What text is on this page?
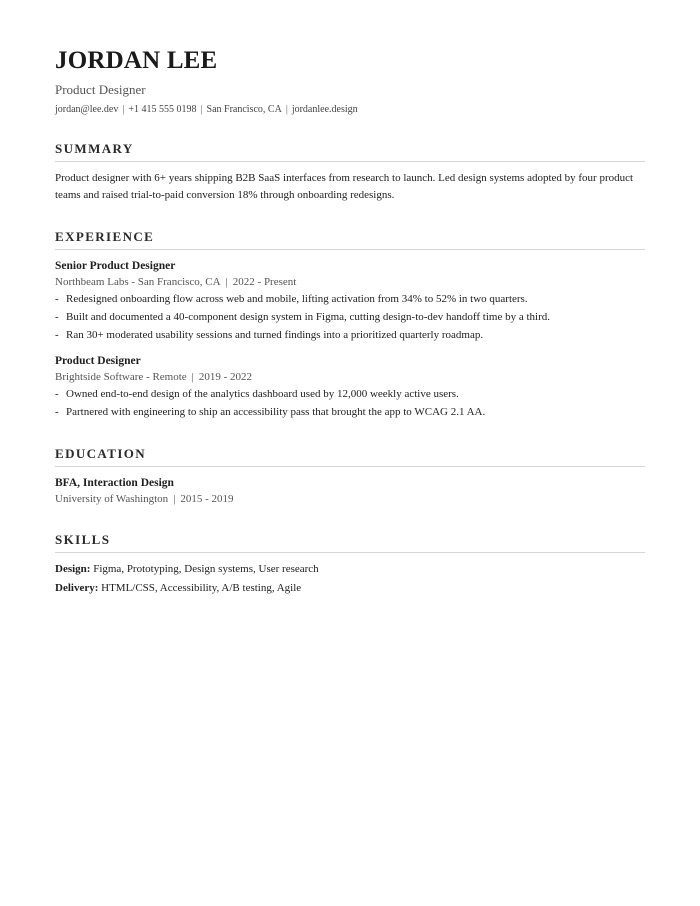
JORDAN LEE
Product Designer
jordan@lee.dev | +1 415 555 0198 | San Francisco, CA | jordanlee.design
SUMMARY

Product designer with 6+ years shipping B2B SaaS interfaces from research to launch. Led design systems adopted by four product teams and raised trial-to-paid conversion 18% through onboarding redesigns.

EXPERIENCE
Senior Product Designer
Northbeam Labs - San Francisco, CA | 2022 - Present
- Redesigned onboarding flow across web and mobile, lifting activation from 34% to 52% in two quarters.
- Built and documented a 40-component design system in Figma, cutting design-to-dev handoff time by a third.
- Ran 30+ moderated usability sessions and turned findings into a prioritized quarterly roadmap.
Product Designer
Brightside Software - Remote | 2019 - 2022
- Owned end-to-end design of the analytics dashboard used by 12,000 weekly active users.
- Partnered with engineering to ship an accessibility pass that brought the app to WCAG 2.1 AA.
EDUCATION
BFA, Interaction Design
University of Washington | 2015 - 2019
SKILLS
Design: Figma, Prototyping, Design systems, User research
Delivery: HTML/CSS, Accessibility, A/B testing, Agile
